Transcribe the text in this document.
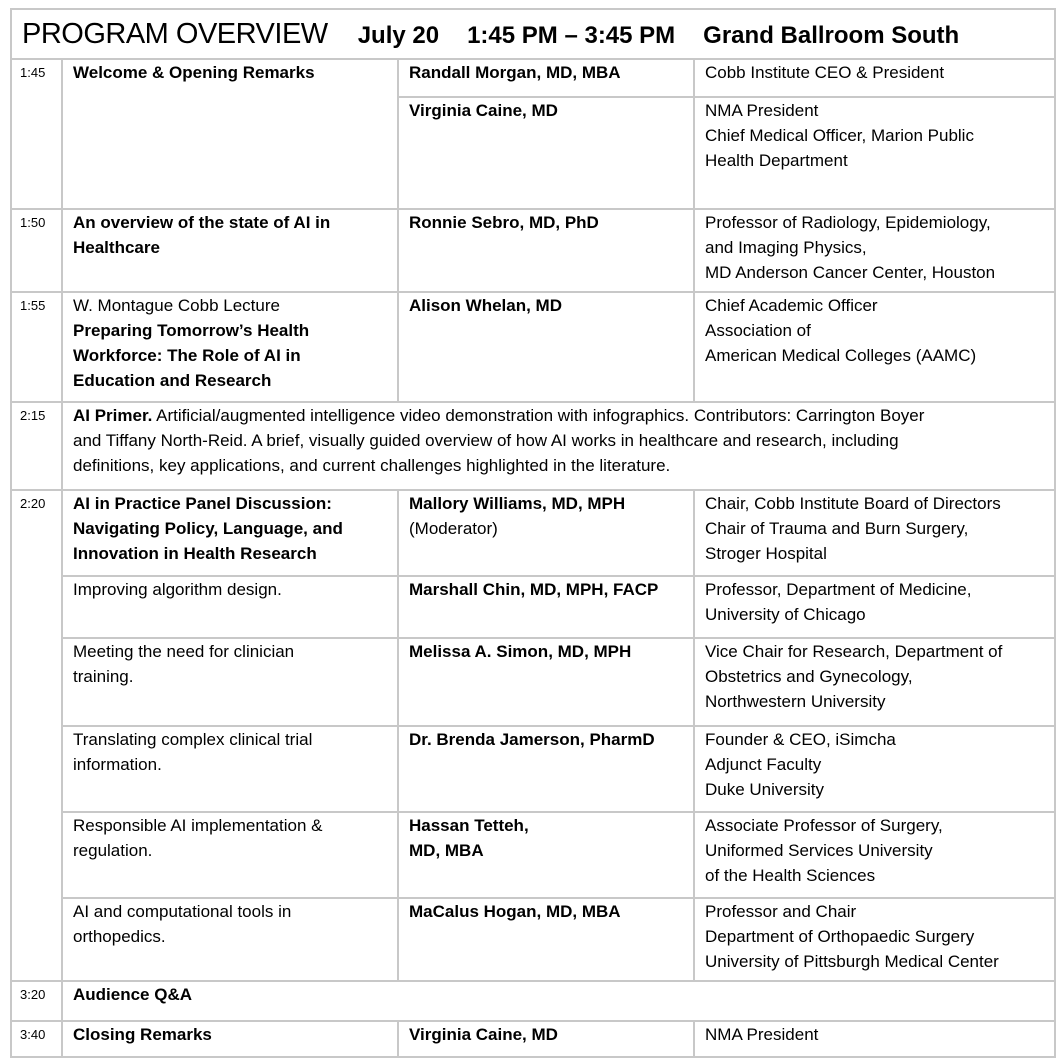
PROGRAM OVERVIEW July 20 1:45 PM – 3:45 PM Grand Ballroom South			
1:45	Welcome & Opening Remarks	Randall Morgan, MD, MBA	Cobb Institute CEO & President

		Virginia Caine, MD	NMA President
Chief Medical Officer, Marion Public
Health Department

1:50	An overview of the state of AI in
Healthcare	Ronnie Sebro, MD, PhD	Professor of Radiology, Epidemiology,
and Imaging Physics,
MD Anderson Cancer Center, Houston

1:55	W. Montague Cobb Lecture
Preparing Tomorrow’s Health
Workforce: The Role of AI in
Education and Research	Alison Whelan, MD	Chief Academic Officer
Association of
American Medical Colleges (AAMC)

2:15	AI Primer. Artificial/augmented intelligence video demonstration with infographics. Contributors: Carrington Boyer
and Tiffany North-Reid. A brief, visually guided overview of how AI works in healthcare and research, including
definitions, key applications, and current challenges highlighted in the literature.		

2:20	AI in Practice Panel Discussion:
Navigating Policy, Language, and
Innovation in Health Research	Mallory Williams, MD, MPH
(Moderator)	Chair, Cobb Institute Board of Directors
Chair of Trauma and Burn Surgery,
Stroger Hospital

	Improving algorithm design.	Marshall Chin, MD, MPH, FACP	Professor, Department of Medicine,
University of Chicago

	Meeting the need for clinician
training.	Melissa A. Simon, MD, MPH	Vice Chair for Research, Department of
Obstetrics and Gynecology,
Northwestern University

	Translating complex clinical trial
information.	Dr. Brenda Jamerson, PharmD	Founder & CEO, iSimcha
Adjunct Faculty
Duke University

	Responsible AI implementation &
regulation.	Hassan Tetteh,
MD, MBA	Associate Professor of Surgery,
Uniformed Services University
of the Health Sciences

	AI and computational tools in
orthopedics.	MaCalus Hogan, MD, MBA	Professor and Chair
Department of Orthopaedic Surgery
University of Pittsburgh Medical Center

3:20	Audience Q&A		
3:40	Closing Remarks	Virginia Caine, MD	NMA President
